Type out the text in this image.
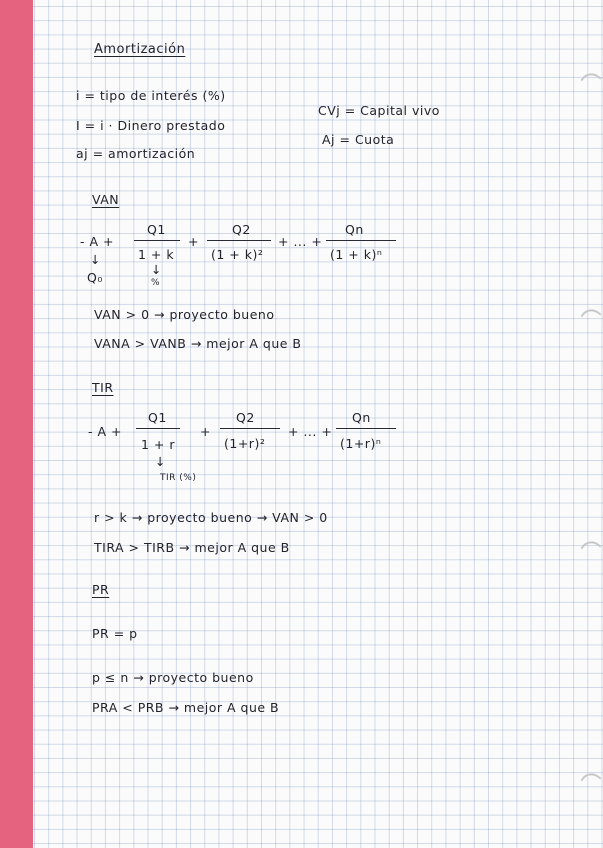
Amortización
i = tipo de interés (%)
I = i · Dinero prestado
aj = amortización
CVj = Capital vivo
Aj = Cuota
VAN
- A +
Q1
1 + k
+
Q2
(1 + k)²
+ ... +
Qn
(1 + k)ⁿ
↓
Q₀
↓
%
VAN > 0 → proyecto bueno
VANA > VANB → mejor A que B
TIR
- A +
Q1
1 + r
+
Q2
(1+r)²
+ ... +
Qn
(1+r)ⁿ
↓
TIR (%)
r > k → proyecto bueno → VAN > 0
TIRA > TIRB → mejor A que B
PR
PR = p
p ≤ n → proyecto bueno
PRA < PRB → mejor A que B
